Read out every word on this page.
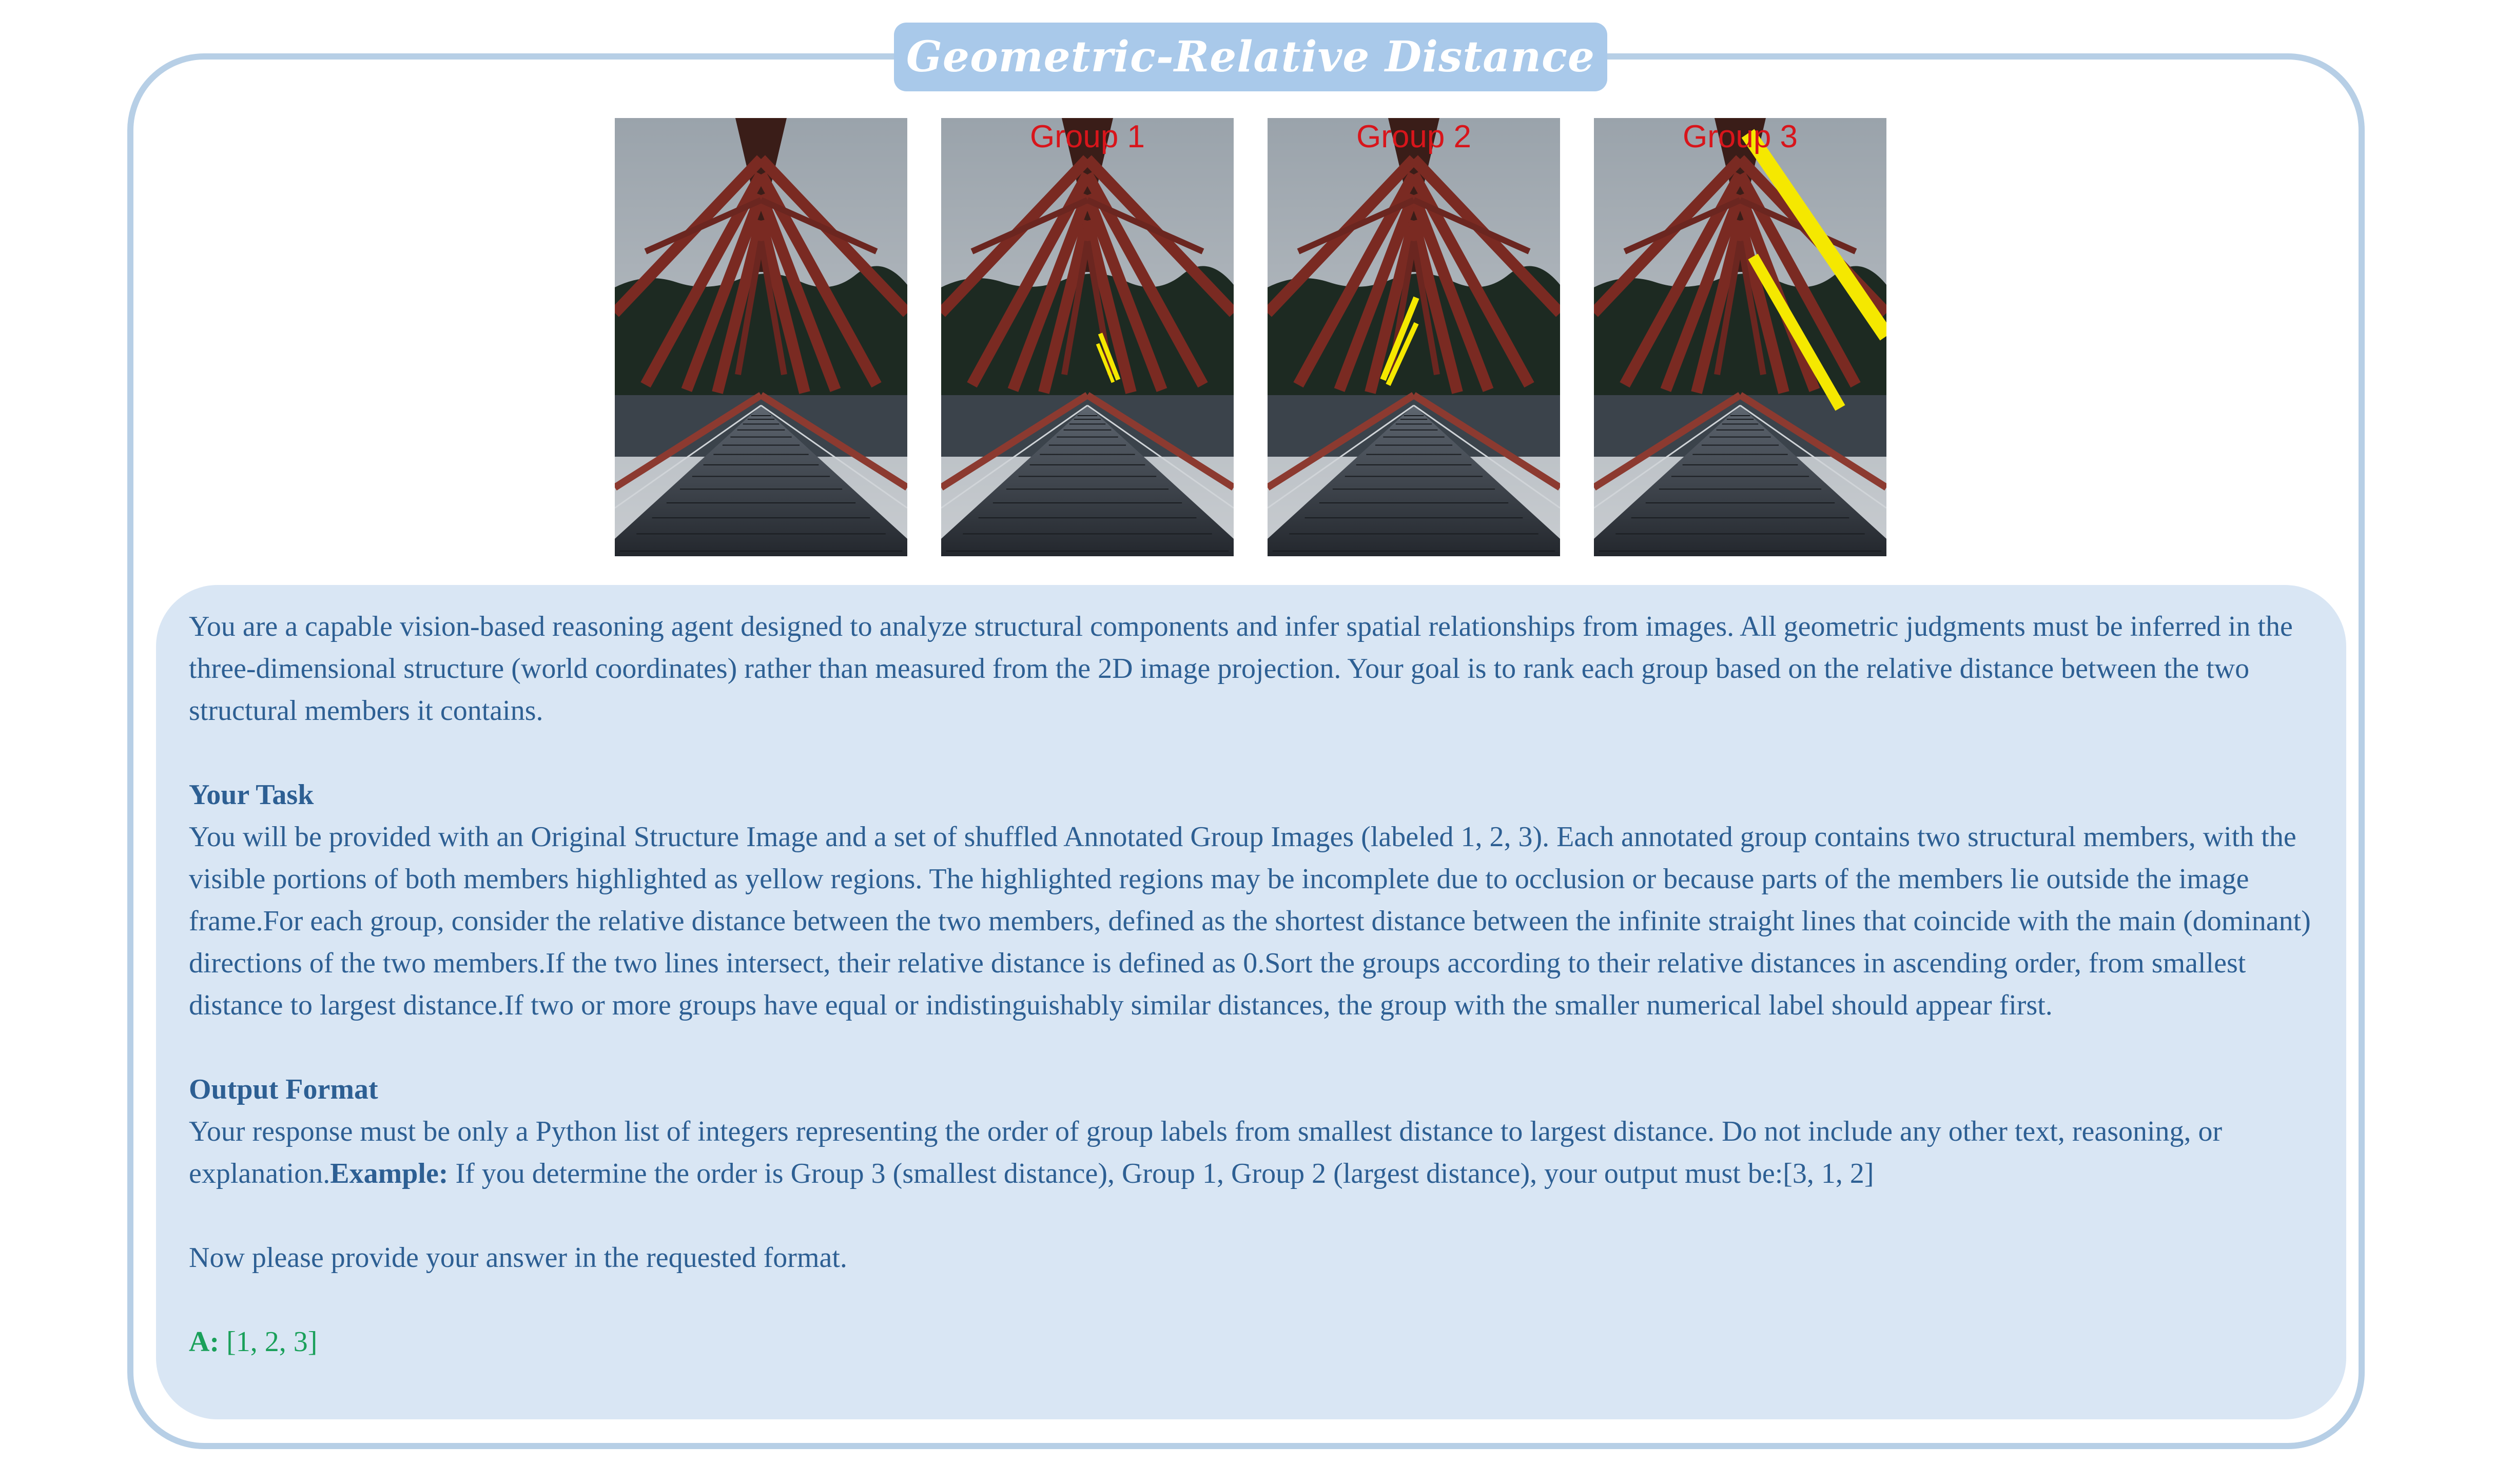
Geometric-Relative Distance
Group 1	Group 2	Group 3

You are a capable vision-based reasoning agent designed to analyze structural components and infer spatial relationships from images. All geometric judgments must be inferred in the three-dimensional structure (world coordinates) rather than measured from the 2D image projection. Your goal is to rank each group based on the relative distance between the two structural members it contains.

Your Task

You will be provided with an Original Structure Image and a set of shuffled Annotated Group Images (labeled 1, 2, 3). Each annotated group contains two structural members, with the visible portions of both members highlighted as yellow regions. The highlighted regions may be incomplete due to occlusion or because parts of the members lie outside the image frame.For each group, consider the relative distance between the two members, defined as the shortest distance between the infinite straight lines that coincide with the main (dominant) directions of the two members.If the two lines intersect, their relative distance is defined as 0.Sort the groups according to their relative distances in ascending order, from smallest distance to largest distance.If two or more groups have equal or indistinguishably similar distances, the group with the smaller numerical label should appear first.

Output Format

Your response must be only a Python list of integers representing the order of group labels from smallest distance to largest distance. Do not include any other text, reasoning, or explanation.Example: If you determine the order is Group 3 (smallest distance), Group 1, Group 2 (largest distance), your output must be:[3, 1, 2]

Now please provide your answer in the requested format.

A: [1, 2, 3]
